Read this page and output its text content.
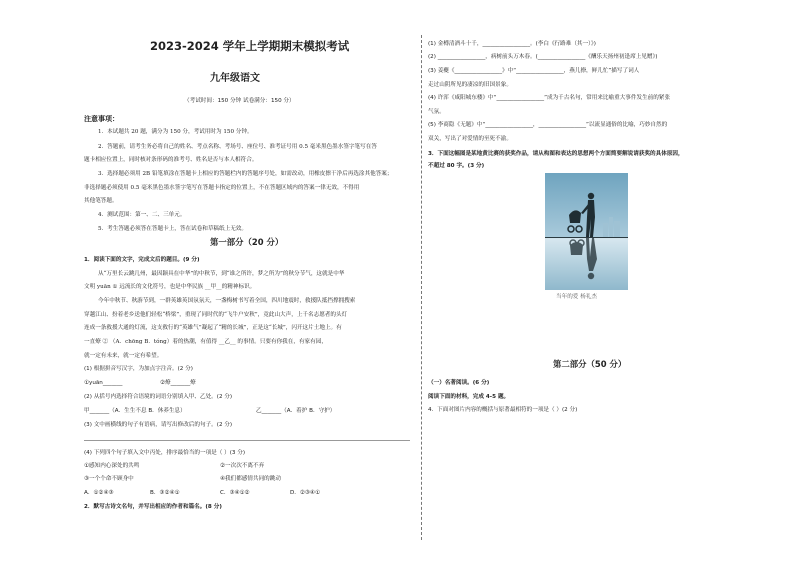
2023-2024 学年上学期期末模拟考试
九年级语文
（考试时间：150 分钟 试卷满分：150 分）
注意事项：
1．本试题共 20 题，满分为 150 分，考试用时为 150 分钟。
2．答题前，请考生务必将自己的姓名、考点名称、考场号、座位号、准考证号用 0.5 毫米黑色墨水签字笔写在答
题卡相应位置上，同时核对条形码的准考号、姓名是否与本人相符合。
3．选择题必须用 2B 铅笔填涂在答题卡上相应的答题栏内的答题序号处，如需改动，用橡皮擦干净后再选涂其他答案；
非选择题必须使用 0.5 毫米黑色墨水签字笔写在答题卡指定的位置上，不在答题区域内的答案一律无效，不得用
其他笔答题。
4．测试范围：第一、二、三单元。
5．考生答题必须答在答题卡上，答在试卷和草稿纸上无效。
第一部分（20 分）
1．阅读下面的文字，完成文后的题目。(9 分)
从“万里长云跳几州，最因颖具在中华”的中秋节，到“谁之所许，梦之所为”的秋分节气，这就是中华
文明 yuān ① 远流长的文化符号，也是中华民族 __甲__的精神标识。
今年中秋节、秋游节到，一群英雄英国氛氛天，一盏梅树书写着全国，四川地震时，救援队抵挡撑拥搜索
穿越江山、扮着老乡送他们轻松“桥梁”，重现了同时代的“飞牛户安秋”，竟此山大声，上千名志愿者的头灯
连成一条救援大通的灯流，这支救行的“英雄气”凝起了“精的长城”，正是这“长城”，闪开这片土地上。有
一直燎 ② （A．chōng B．tóng）着的热潮，有值得 __乙__ 的事情。只要有你我在，有家有园，
就一定有未来，就一定有希望。
(1) 根据拼音写汉字，为加点字注音。(2 分)
①yuān_______	②燎_______燎
(2) 从括号内选择符合语境的词语分别填入甲、乙处。(2 分)
甲_______（A．生生不息 B．休养生息）	乙_______（A．着护 B．守护）
(3) 文中画横线的句子有语病，请写出修改后的句子。(2 分)
(4) 下列四个句子填入文中丙处，排序最恰当的一项是（ ）(3 分)
①感知内心深处的共鸣	②一次次不离不弃
③一个个命不顾身中	④我们都感情共同的跳动
A．①②④③	B．③②④①	C．③④①②	D．②③④①
2．默写古诗文名句，并写出相应的作者和篇名。(8 分)
(1) 金樽清酒斗十千，_________________。(李白《行路难（其一）》)
(2) _________________，病树前头万木春。(_________________《酬乐天扬州初逢席上见赠》)
(3) 姜夔《_________________》中“_________________，燕儿撩，鲜儿忙”描写了词人
走过山阴所见的凄凉的旧国景象。
(4) 许浑《咸阳城东楼》中“_________________”成为千古名句，常用来比喻重大事件发生前的紧张
气氛。
(5) 李商隐《无题》中“_________________，_________________”以流显通俗的比喻，巧妙自然的
双关，写出了对爱情的至死不渝。
3．下面这幅图是某地黄比赛的获奖作品，请从构图和表达的思想两个方面简要解说请获奖的具体原因，
不超过 80 字。(3 分)
当年的爱 杨礼杰
第二部分（50 分）
（一）名著阅读。(6 分)
阅读下面的材料，完成 4-5 题。
4．下面对图片内容的概括与原著最相符的一项是（ ）(2 分)
